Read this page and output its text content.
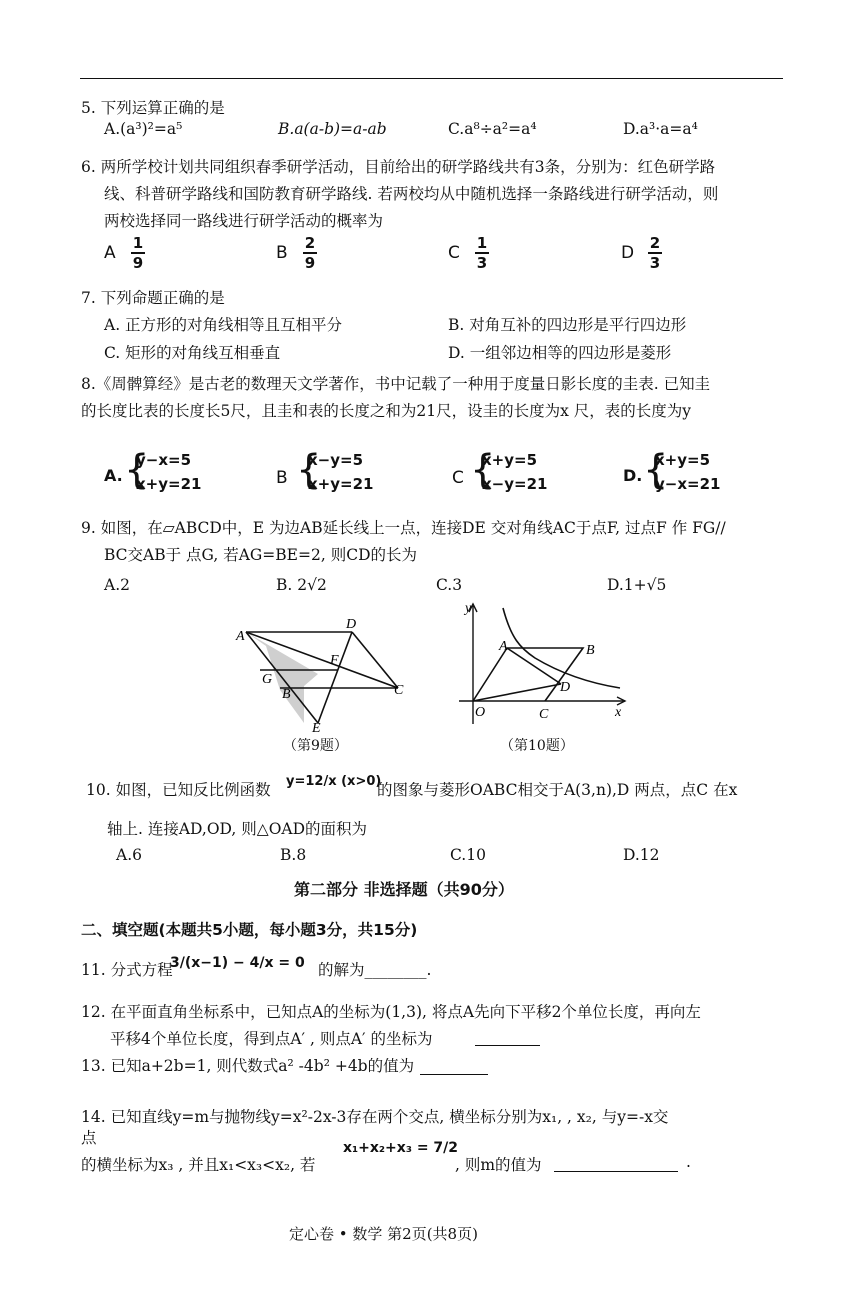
5. 下列运算正确的是
A.(a³)²=a⁵	B.a(a-b)=a-ab	C.a⁸÷a²=a⁴	D.a³·a=a⁴
6. 两所学校计划共同组织春季研学活动，目前给出的研学路线共有3条，分别为：红色研学路
线、科普研学路线和国防教育研学路线. 若两校均从中随机选择一条路线进行研学活动，则
两校选择同一路线进行研学活动的概率为
A 1
9	B 2
9	C 1
3	D 2
3
7. 下列命题正确的是
A. 正方形的对角线相等且互相平分	B. 对角互补的四边形是平行四边形
C. 矩形的对角线互相垂直	D. 一组邻边相等的四边形是菱形
8.《周髀算经》是古老的数理天文学著作，书中记载了一种用于度量日影长度的圭表. 已知圭
的长度比表的长度长5尺，且圭和表的长度之和为21尺，设圭的长度为x 尺，表的长度为y
A. {
y−x=5
x+y=21	B {
x−y=5
x+y=21	C {
x+y=5
x−y=21	D. {
x+y=5
y−x=21
9. 如图，在▱ABCD中，E 为边AB延长线上一点，连接DE 交对角线AC于点F, 过点F 作 FG//
BC交AB于 点G, 若AG=BE=2, 则CD的长为
A.2	B. 2√2	C.3	D.1+√5
A
D
F
G
B	C
E
（第9题）
y
A	B
D
O	C	x
（第10题）
10. 如图，已知反比例函数 y=12/x (x>0)
的图象与菱形OABC相交于A(3,n),D 两点，点C 在x
轴上. 连接AD,OD, 则△OAD的面积为
A.6	B.8	C.10	D.12
第二部分 非选择题（共90分）
二、填空题(本题共5小题，每小题3分，共15分)
11. 分式方程
3/(x−1) − 4/x = 0 的解为________.
12. 在平面直角坐标系中，已知点A的坐标为(1,3), 将点A先向下平移2个单位长度，再向左
平移4个单位长度，得到点A′ , 则点A′ 的坐标为
13. 已知a+2b=1, 则代数式a² -4b² +4b的值为
14. 已知直线y=m与抛物线y=x²-2x-3存在两个交点, 横坐标分别为x₁, , x₂, 与y=-x交
点
的横坐标为x₃ , 并且x₁<x₃<x₂, 若
x₁+x₂+x₃ = 7/2
, 则m的值为	.
定心卷 • 数学 第2页(共8页)
